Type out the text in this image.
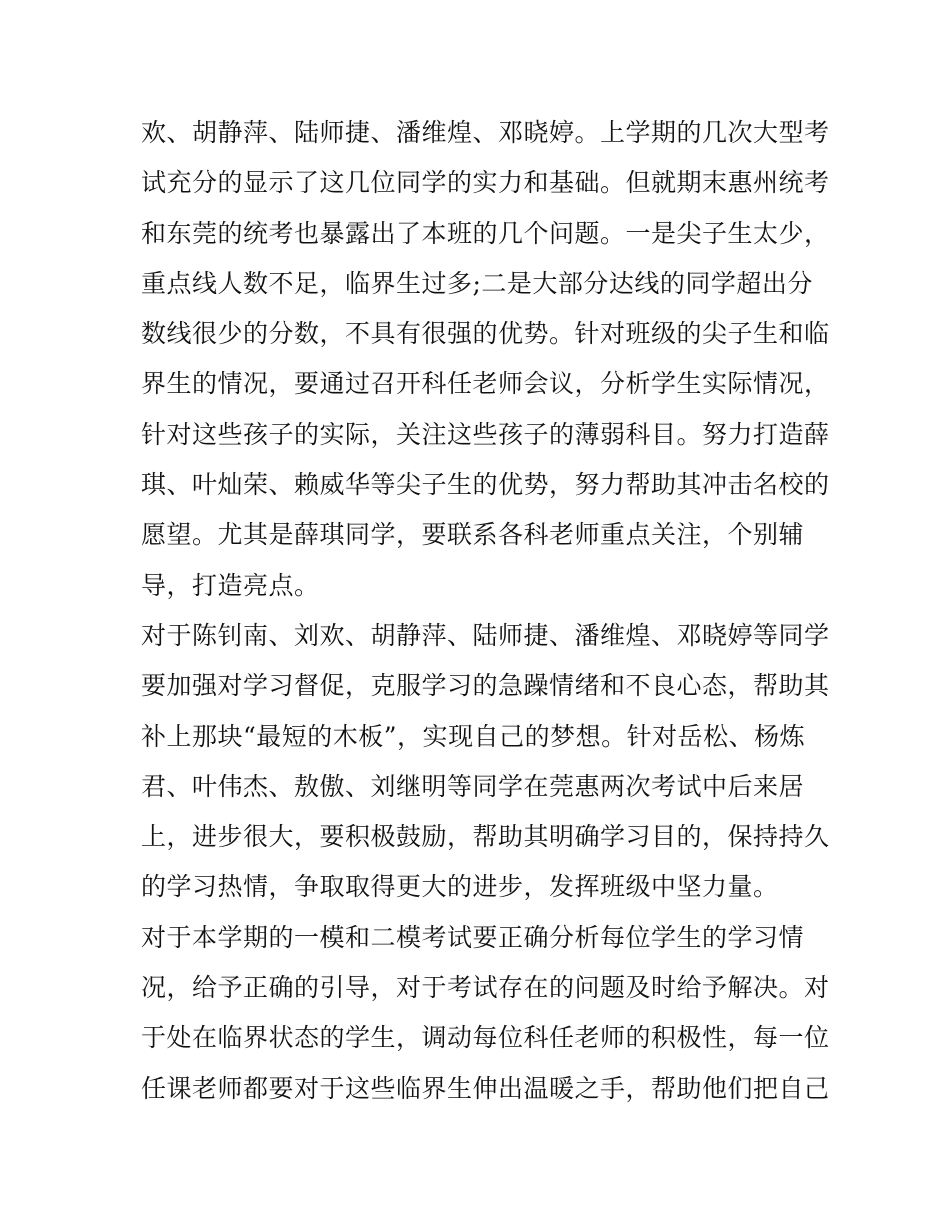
欢、胡静萍、陆师捷、潘维煌、邓晓婷。上学期的几次大型考
试充分的显示了这几位同学的实力和基础。但就期末惠州统考
和东莞的统考也暴露出了本班的几个问题。一是尖子生太少，
重点线人数不足，临界生过多;二是大部分达线的同学超出分
数线很少的分数，不具有很强的优势。针对班级的尖子生和临
界生的情况，要通过召开科任老师会议，分析学生实际情况，
针对这些孩子的实际，关注这些孩子的薄弱科目。努力打造薛
琪、叶灿荣、赖威华等尖子生的优势，努力帮助其冲击名校的
愿望。尤其是薛琪同学，要联系各科老师重点关注，个别辅
导，打造亮点。
对于陈钊南、刘欢、胡静萍、陆师捷、潘维煌、邓晓婷等同学
要加强对学习督促，克服学习的急躁情绪和不良心态，帮助其
补上那块“最短的木板”，实现自己的梦想。针对岳松、杨炼
君、叶伟杰、敖傲、刘继明等同学在莞惠两次考试中后来居
上，进步很大，要积极鼓励，帮助其明确学习目的，保持持久
的学习热情，争取取得更大的进步，发挥班级中坚力量。
对于本学期的一模和二模考试要正确分析每位学生的学习情
况，给予正确的引导，对于考试存在的问题及时给予解决。对
于处在临界状态的学生，调动每位科任老师的积极性，每一位
任课老师都要对于这些临界生伸出温暖之手，帮助他们把自己
